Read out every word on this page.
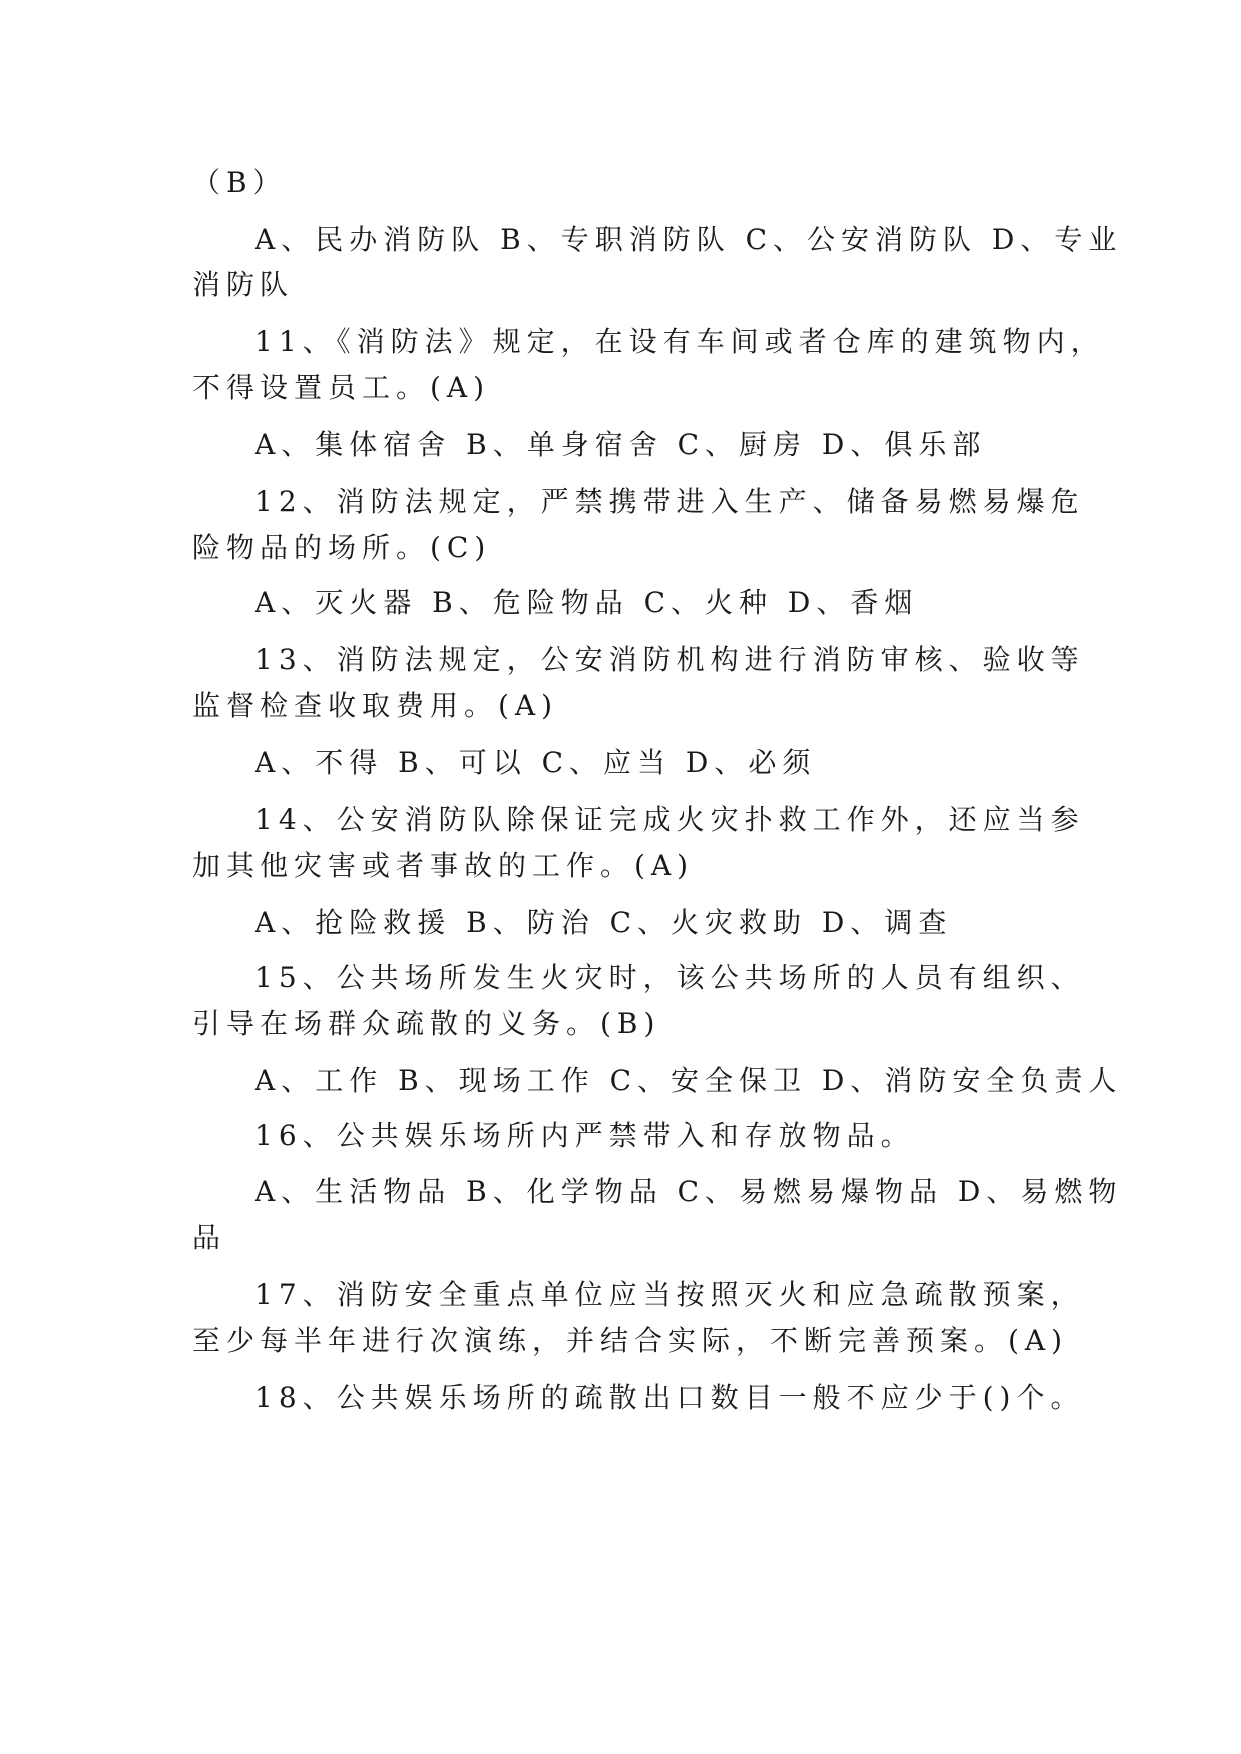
（B）
A、民办消防队 B、专职消防队 C、公安消防队 D、专业
消防队
11、《消防法》规定，在设有车间或者仓库的建筑物内，
不得设置员工。(A)
A、集体宿舍 B、单身宿舍 C、厨房 D、俱乐部
12、消防法规定，严禁携带进入生产、储备易燃易爆危
险物品的场所。(C)
A、灭火器 B、危险物品 C、火种 D、香烟
13、消防法规定，公安消防机构进行消防审核、验收等
监督检查收取费用。(A)
A、不得 B、可以 C、应当 D、必须
14、公安消防队除保证完成火灾扑救工作外，还应当参
加其他灾害或者事故的工作。(A)
A、抢险救援 B、防治 C、火灾救助 D、调查
15、公共场所发生火灾时，该公共场所的人员有组织、
引导在场群众疏散的义务。(B)
A、工作 B、现场工作 C、安全保卫 D、消防安全负责人
16、公共娱乐场所内严禁带入和存放物品。
A、生活物品 B、化学物品 C、易燃易爆物品 D、易燃物
品
17、消防安全重点单位应当按照灭火和应急疏散预案，
至少每半年进行次演练，并结合实际，不断完善预案。(A)
18、公共娱乐场所的疏散出口数目一般不应少于()个。
